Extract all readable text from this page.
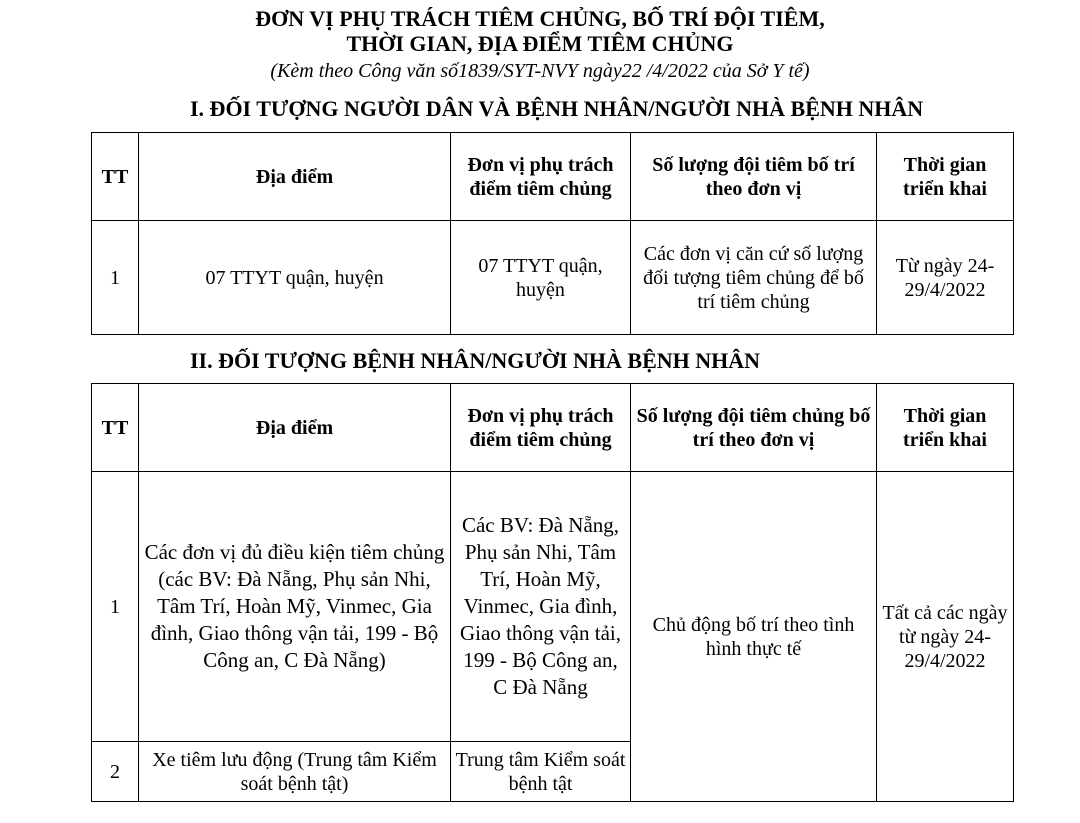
ĐƠN VỊ PHỤ TRÁCH TIÊM CHỦNG, BỐ TRÍ ĐỘI TIÊM,
THỜI GIAN, ĐỊA ĐIỂM TIÊM CHỦNG
(Kèm theo Công văn số1839/SYT-NVY ngày22 /4/2022 của Sở Y tế)
I. ĐỐI TƯỢNG NGƯỜI DÂN VÀ BỆNH NHÂN/NGƯỜI NHÀ BỆNH NHÂN
TT	Địa điểm	Đơn vị phụ trách điểm tiêm chủng	Số lượng đội tiêm bố trí theo đơn vị	Thời gian triển khai
1	07 TTYT quận, huyện	07 TTYT quận, huyện	Các đơn vị căn cứ số lượng đối tượng tiêm chủng để bố trí tiêm chủng	Từ ngày 24-29/4/2022
II. ĐỐI TƯỢNG BỆNH NHÂN/NGƯỜI NHÀ BỆNH NHÂN
TT	Địa điểm	Đơn vị phụ trách điểm tiêm chủng	Số lượng đội tiêm chủng bố trí theo đơn vị	Thời gian triển khai
1	Các đơn vị đủ điều kiện tiêm chủng (các BV: Đà Nẵng, Phụ sản Nhi, Tâm Trí, Hoàn Mỹ, Vinmec, Gia đình, Giao thông vận tải, 199 - Bộ Công an, C Đà Nẵng)	Các BV: Đà Nẵng, Phụ sản Nhi, Tâm Trí, Hoàn Mỹ, Vinmec, Gia đình, Giao thông vận tải, 199 - Bộ Công an, C Đà Nẵng	Chủ động bố trí theo tình hình thực tế	Tất cả các ngày từ ngày 24-29/4/2022
2	Xe tiêm lưu động (Trung tâm Kiểm soát bệnh tật)	Trung tâm Kiểm soát bệnh tật		
